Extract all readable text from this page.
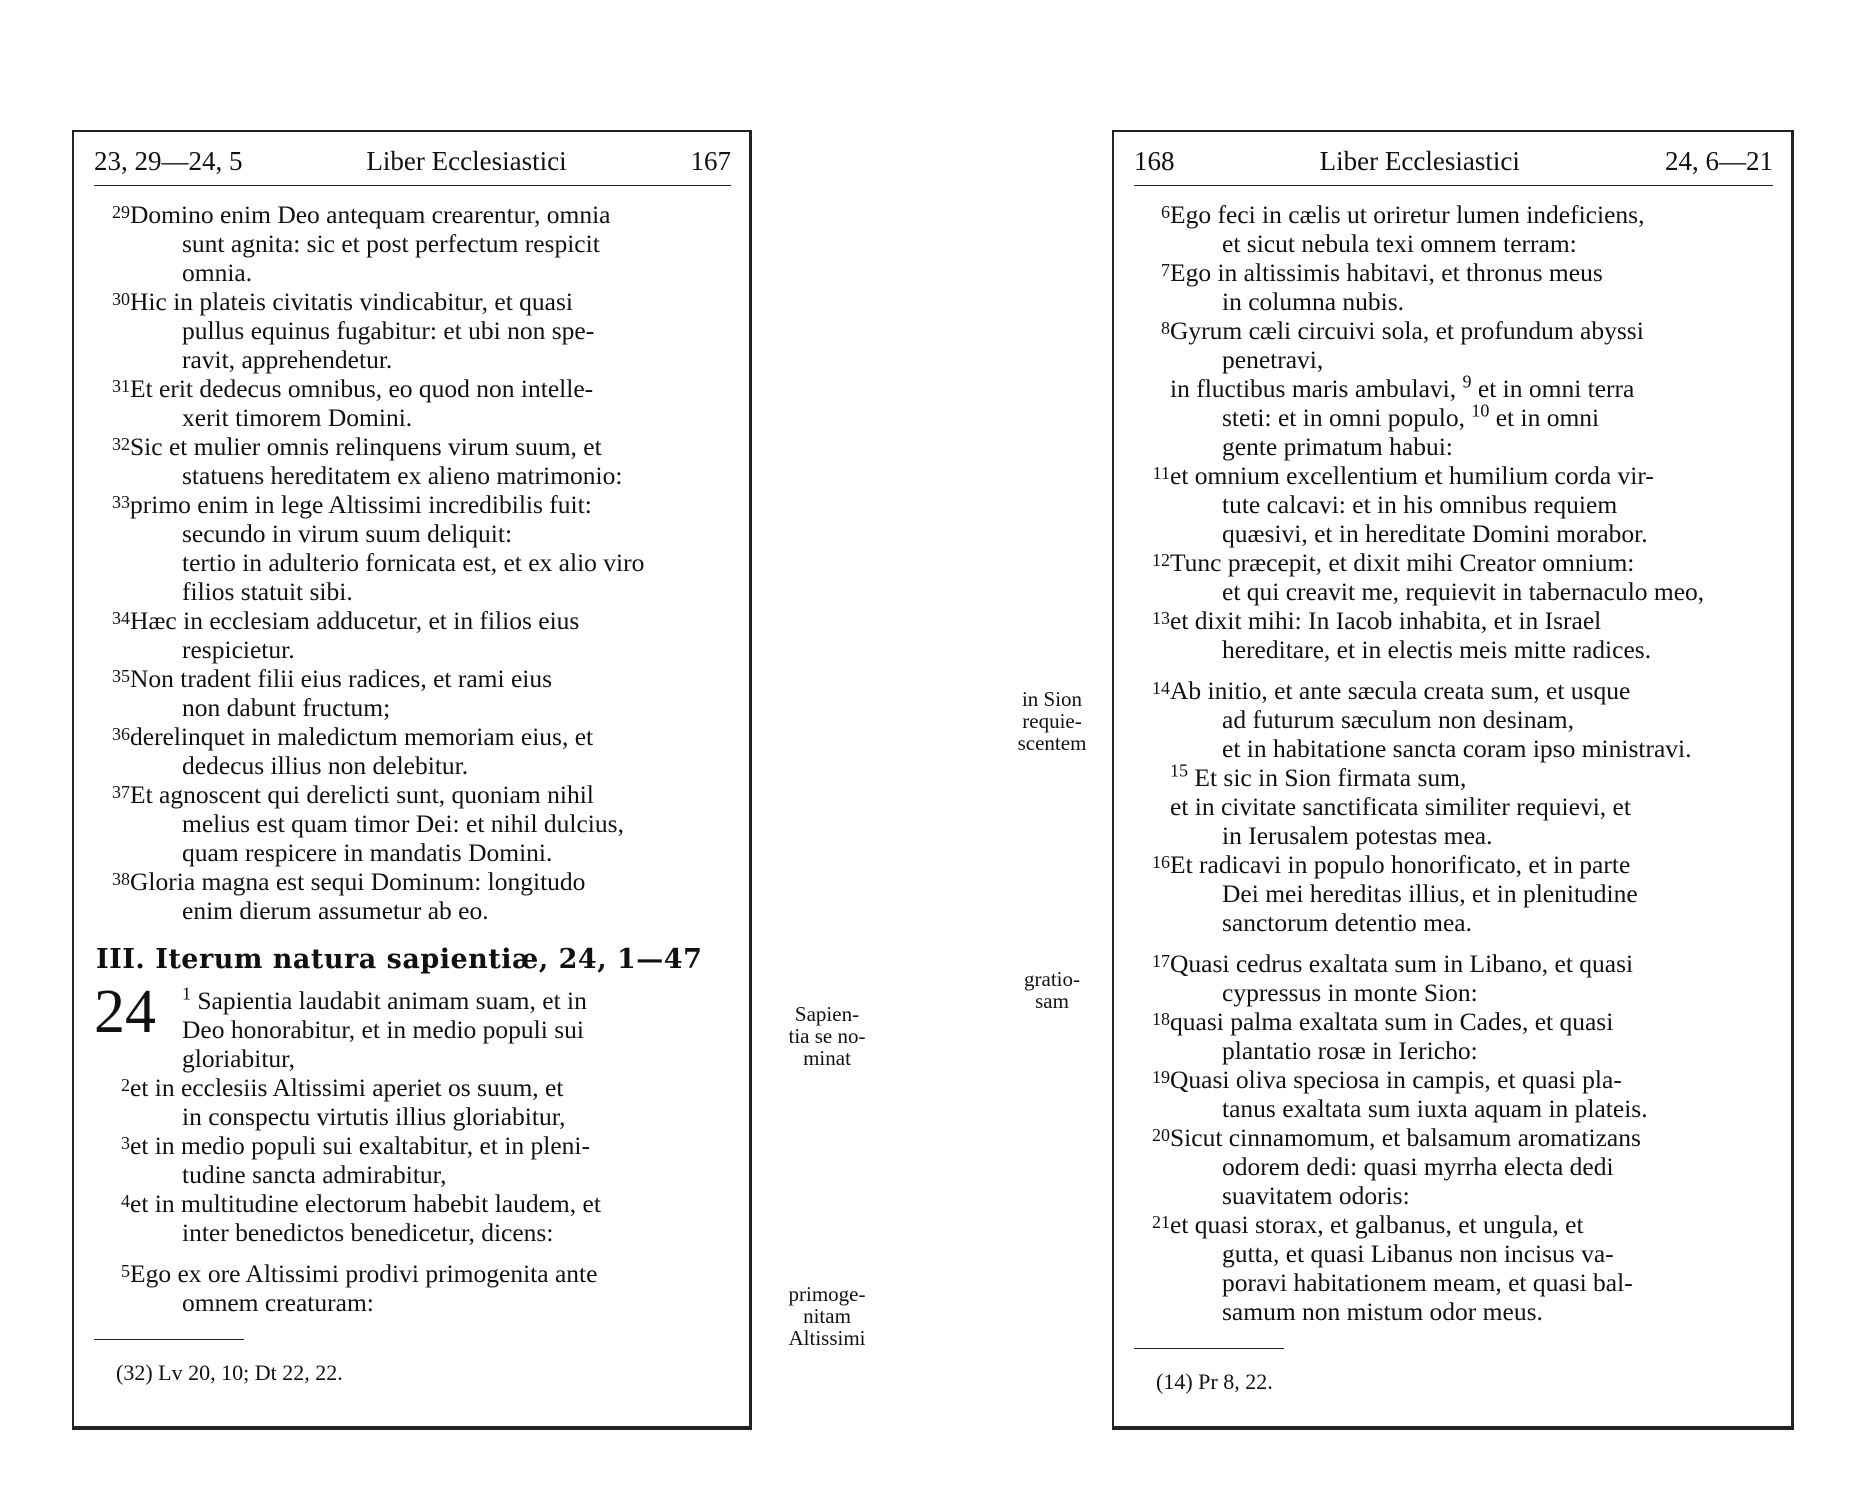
23, 29—24, 5	Liber Ecclesiastici	167
29 Domino enim Deo antequam crearentur, omnia
sunt agnita: sic et post perfectum respicit
omnia.
30 Hic in plateis civitatis vindicabitur, et quasi
pullus equinus fugabitur: et ubi non spe-
ravit, apprehendetur.
31 Et erit dedecus omnibus, eo quod non intelle-
xerit timorem Domini.
32 Sic et mulier omnis relinquens virum suum, et
statuens hereditatem ex alieno matrimonio:
33 primo enim in lege Altissimi incredibilis fuit:
secundo in virum suum deliquit:
tertio in adulterio fornicata est, et ex alio viro
filios statuit sibi.
34 Hæc in ecclesiam adducetur, et in filios eius
respicietur.
35 Non tradent filii eius radices, et rami eius
non dabunt fructum;
36 derelinquet in maledictum memoriam eius, et
dedecus illius non delebitur.
37 Et agnoscent qui derelicti sunt, quoniam nihil
melius est quam timor Dei: et nihil dulcius,
quam respicere in mandatis Domini.
38 Gloria magna est sequi Dominum: longitudo
enim dierum assumetur ab eo.
III. Iterum natura sapientiæ, 24, 1—47
24 $^1$ Sapientia laudabit animam suam, et in
Deo honorabitur, et in medio populi sui
gloriabitur,
2 et in ecclesiis Altissimi aperiet os suum, et
in conspectu virtutis illius gloriabitur,
3 et in medio populi sui exaltabitur, et in pleni-
tudine sancta admirabitur,
4 et in multitudine electorum habebit laudem, et
inter benedictos benedicetur, dicens:
5 Ego ex ore Altissimi prodivi primogenita ante
omnem creaturam:
(32) Lv 20, 10; Dt 22, 22.
Sapien-
tia se no-
minat
primoge-
nitam
Altissimi
in Sion
requie-
scentem
gratio-
sam
168	Liber Ecclesiastici	24, 6—21
6 Ego feci in cælis ut oriretur lumen indeficiens,
et sicut nebula texi omnem terram:
7 Ego in altissimis habitavi, et thronus meus
in columna nubis.
8 Gyrum cæli circuivi sola, et profundum abyssi
penetravi,
in fluctibus maris ambulavi, $^9$ et in omni terra
steti: et in omni populo, $^{10}$ et in omni
gente primatum habui:
11 et omnium excellentium et humilium corda vir-
tute calcavi: et in his omnibus requiem
quæsivi, et in hereditate Domini morabor.
12 Tunc præcepit, et dixit mihi Creator omnium:
et qui creavit me, requievit in tabernaculo meo,
13 et dixit mihi: In Iacob inhabita, et in Israel
hereditare, et in electis meis mitte radices.
14 Ab initio, et ante sæcula creata sum, et usque
ad futurum sæculum non desinam,
et in habitatione sancta coram ipso ministravi.
$^{15}$ Et sic in Sion firmata sum,
et in civitate sanctificata similiter requievi, et
in Ierusalem potestas mea.
16 Et radicavi in populo honorificato, et in parte
Dei mei hereditas illius, et in plenitudine
sanctorum detentio mea.
17 Quasi cedrus exaltata sum in Libano, et quasi
cypressus in monte Sion:
18 quasi palma exaltata sum in Cades, et quasi
plantatio rosæ in Iericho:
19 Quasi oliva speciosa in campis, et quasi pla-
tanus exaltata sum iuxta aquam in plateis.
20 Sicut cinnamomum, et balsamum aromatizans
odorem dedi: quasi myrrha electa dedi
suavitatem odoris:
21 et quasi storax, et galbanus, et ungula, et
gutta, et quasi Libanus non incisus va-
poravi habitationem meam, et quasi bal-
samum non mistum odor meus.
(14) Pr 8, 22.
